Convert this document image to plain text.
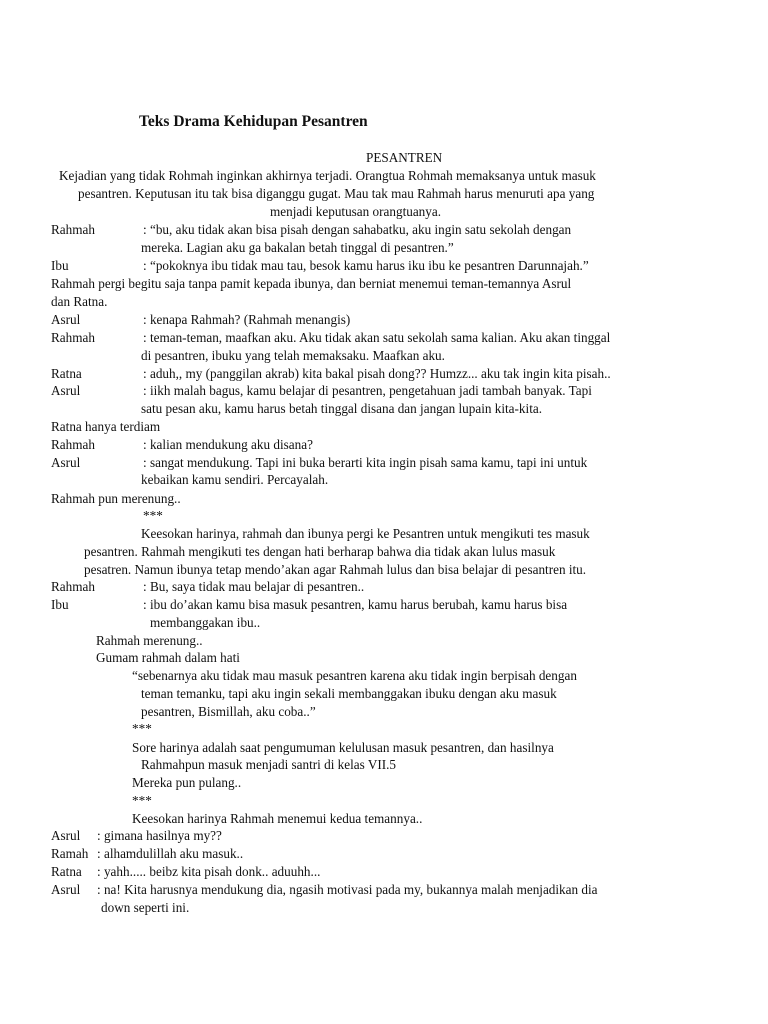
Teks Drama Kehidupan Pesantren
PESANTREN
Kejadian yang tidak Rohmah inginkan akhirnya terjadi. Orangtua Rohmah memaksanya untuk masuk
pesantren. Keputusan itu tak bisa diganggu gugat. Mau tak mau Rahmah harus menuruti apa yang
menjadi keputusan orangtuanya.
Rahmah	: “bu, aku tidak akan bisa pisah dengan sahabatku, aku ingin satu sekolah dengan
mereka. Lagian aku ga bakalan betah tinggal di pesantren.”
Ibu	: “pokoknya ibu tidak mau tau, besok kamu harus iku ibu ke pesantren Darunnajah.”
Rahmah pergi begitu saja tanpa pamit kepada ibunya, dan berniat menemui teman-temannya Asrul
dan Ratna.
Asrul	: kenapa Rahmah? (Rahmah menangis)
Rahmah	: teman-teman, maafkan aku. Aku tidak akan satu sekolah sama kalian. Aku akan tinggal
di pesantren, ibuku yang telah memaksaku. Maafkan aku.
Ratna	: aduh,, my (panggilan akrab) kita bakal pisah dong?? Humzz... aku tak ingin kita pisah..
Asrul	: iikh malah bagus, kamu belajar di pesantren, pengetahuan jadi tambah banyak. Tapi
satu pesan aku, kamu harus betah tinggal disana dan jangan lupain kita-kita.
Ratna hanya terdiam
Rahmah	: kalian mendukung aku disana?
Asrul	: sangat mendukung. Tapi ini buka berarti kita ingin pisah sama kamu, tapi ini untuk
kebaikan kamu sendiri. Percayalah.
Rahmah pun merenung..
***
Keesokan harinya, rahmah dan ibunya pergi ke Pesantren untuk mengikuti tes masuk
pesantren. Rahmah mengikuti tes dengan hati berharap bahwa dia tidak akan lulus masuk
pesatren. Namun ibunya tetap mendo’akan agar Rahmah lulus dan bisa belajar di pesantren itu.
Rahmah	: Bu, saya tidak mau belajar di pesantren..
Ibu	: ibu do’akan kamu bisa masuk pesantren, kamu harus berubah, kamu harus bisa
membanggakan ibu..
Rahmah merenung..
Gumam rahmah dalam hati
“sebenarnya aku tidak mau masuk pesantren karena aku tidak ingin berpisah dengan
teman temanku, tapi aku ingin sekali membanggakan ibuku dengan aku masuk
pesantren, Bismillah, aku coba..”
***
Sore harinya adalah saat pengumuman kelulusan masuk pesantren, dan hasilnya
Rahmahpun masuk menjadi santri di kelas VII.5
Mereka pun pulang..
***
Keesokan harinya Rahmah menemui kedua temannya..
Asrul : gimana hasilnya my??
Ramah : alhamdulillah aku masuk..
Ratna : yahh..... beibz kita pisah donk.. aduuhh...
Asrul : na! Kita harusnya mendukung dia, ngasih motivasi pada my, bukannya malah menjadikan dia
down seperti ini.
